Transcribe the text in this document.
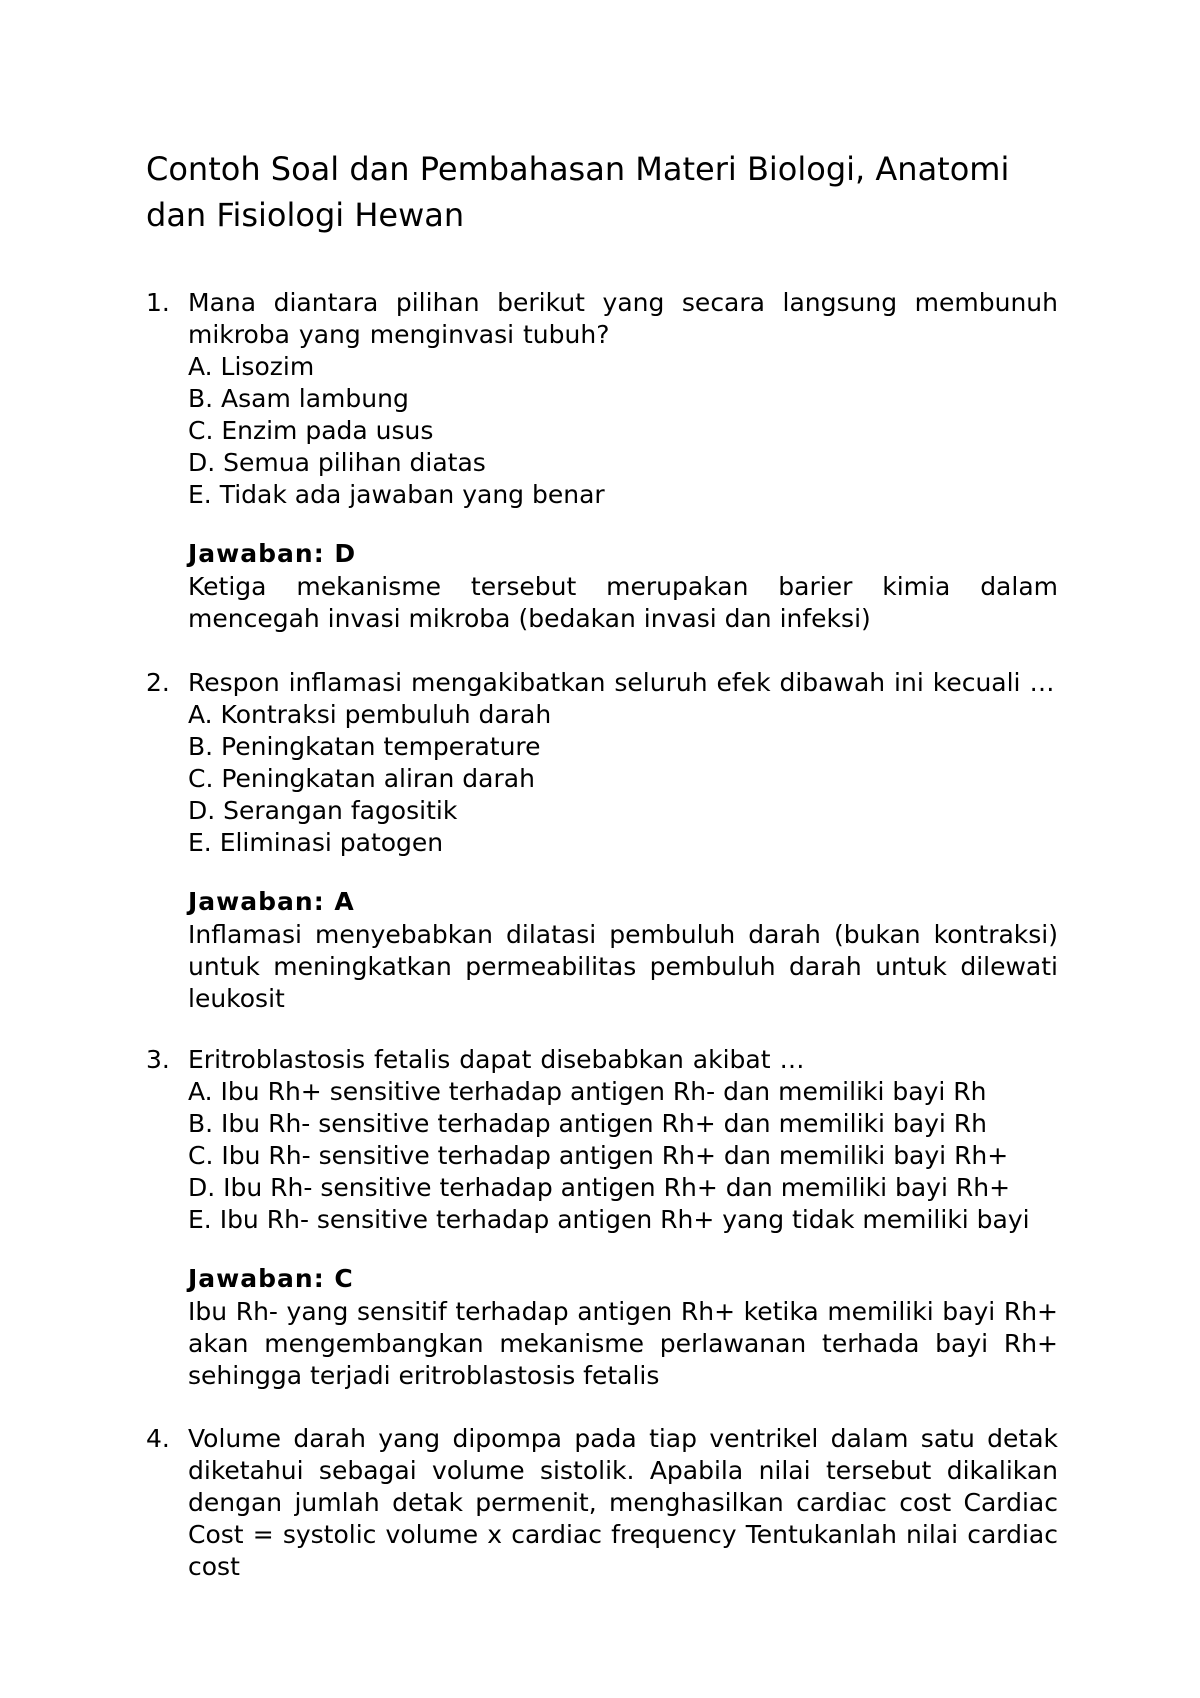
Contoh Soal dan Pembahasan Materi Biologi, Anatomi dan Fisiologi Hewan
1. Mana diantara pilihan berikut yang secara langsung membunuh mikroba yang menginvasi tubuh?
A. Lisozim
B. Asam lambung
C. Enzim pada usus
D. Semua pilihan diatas
E. Tidak ada jawaban yang benar
Jawaban: D
Ketiga mekanisme tersebut merupakan barier kimia dalam mencegah invasi mikroba (bedakan invasi dan infeksi)
2. Respon inflamasi mengakibatkan seluruh efek dibawah ini kecuali …
A. Kontraksi pembuluh darah
B. Peningkatan temperature
C. Peningkatan aliran darah
D. Serangan fagositik
E. Eliminasi patogen
Jawaban: A
Inflamasi menyebabkan dilatasi pembuluh darah (bukan kontraksi) untuk meningkatkan permeabilitas pembuluh darah untuk dilewati leukosit
3. Eritroblastosis fetalis dapat disebabkan akibat …
A. Ibu Rh+ sensitive terhadap antigen Rh- dan memiliki bayi Rh
B. Ibu Rh- sensitive terhadap antigen Rh+ dan memiliki bayi Rh
C. Ibu Rh- sensitive terhadap antigen Rh+ dan memiliki bayi Rh+
D. Ibu Rh- sensitive terhadap antigen Rh+ dan memiliki bayi Rh+
E. Ibu Rh- sensitive terhadap antigen Rh+ yang tidak memiliki bayi
Jawaban: C
Ibu Rh- yang sensitif terhadap antigen Rh+ ketika memiliki bayi Rh+ akan mengembangkan mekanisme perlawanan terhada bayi Rh+ sehingga terjadi eritroblastosis fetalis
4. Volume darah yang dipompa pada tiap ventrikel dalam satu detak diketahui sebagai volume sistolik. Apabila nilai tersebut dikalikan dengan jumlah detak permenit, menghasilkan cardiac cost Cardiac Cost = systolic volume x cardiac frequency Tentukanlah nilai cardiac cost
